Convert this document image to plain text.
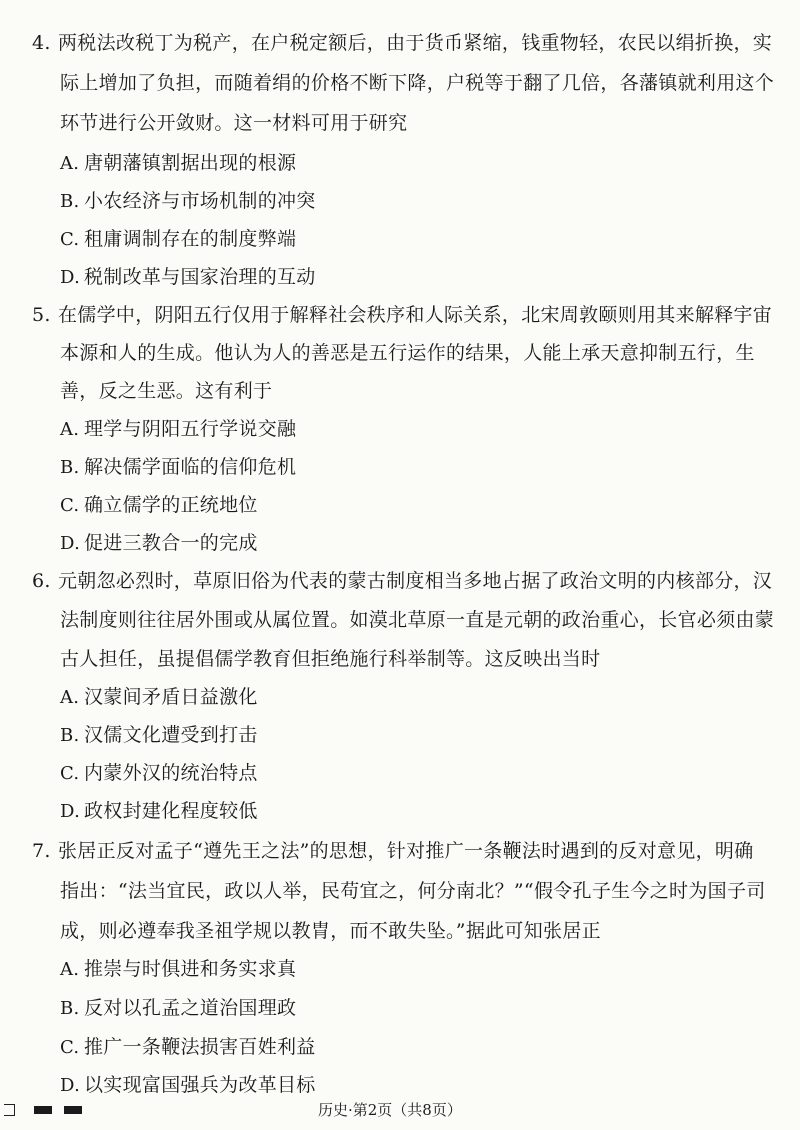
4. 两税法改税丁为税产，在户税定额后，由于货币紧缩，钱重物轻，农民以绢折换，实
际上增加了负担，而随着绢的价格不断下降，户税等于翻了几倍，各藩镇就利用这个
环节进行公开敛财。这一材料可用于研究
A. 唐朝藩镇割据出现的根源
B. 小农经济与市场机制的冲突
C. 租庸调制存在的制度弊端
D. 税制改革与国家治理的互动
5. 在儒学中，阴阳五行仅用于解释社会秩序和人际关系，北宋周敦颐则用其来解释宇宙
本源和人的生成。他认为人的善恶是五行运作的结果，人能上承天意抑制五行，生
善，反之生恶。这有利于
A. 理学与阴阳五行学说交融
B. 解决儒学面临的信仰危机
C. 确立儒学的正统地位
D. 促进三教合一的完成
6. 元朝忽必烈时，草原旧俗为代表的蒙古制度相当多地占据了政治文明的内核部分，汉
法制度则往往居外围或从属位置。如漠北草原一直是元朝的政治重心，长官必须由蒙
古人担任，虽提倡儒学教育但拒绝施行科举制等。这反映出当时
A. 汉蒙间矛盾日益激化
B. 汉儒文化遭受到打击
C. 内蒙外汉的统治特点
D. 政权封建化程度较低
7. 张居正反对孟子“遵先王之法”的思想，针对推广一条鞭法时遇到的反对意见，明确
指出：“法当宜民，政以人举，民苟宜之，何分南北？”“假令孔子生今之时为国子司
成，则必遵奉我圣祖学规以教胄，而不敢失坠。”据此可知张居正
A. 推崇与时俱进和务实求真
B. 反对以孔孟之道治国理政
C. 推广一条鞭法损害百姓利益
D. 以实现富国强兵为改革目标
历史·第2页（共8页）
